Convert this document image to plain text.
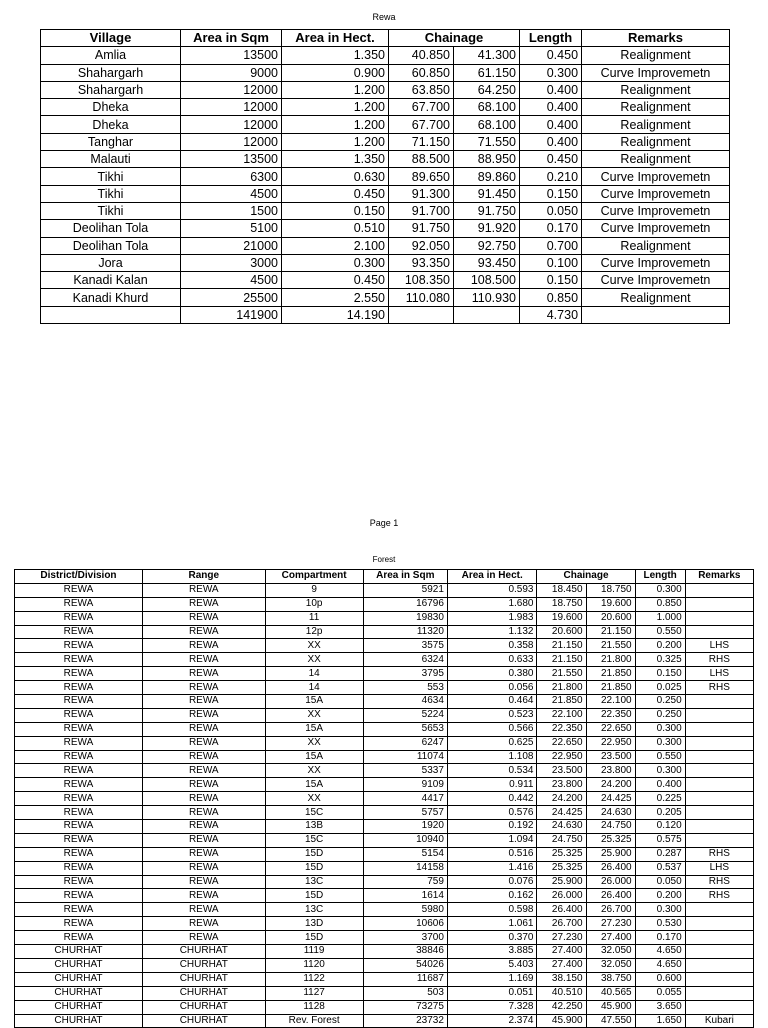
Rewa
Village	Area in Sqm	Area in Hect.	Chainage		Length	Remarks
Amlia	13500	1.350	40.850	41.300	0.450	Realignment
Shahargarh	9000	0.900	60.850	61.150	0.300	Curve Improvemetn
Shahargarh	12000	1.200	63.850	64.250	0.400	Realignment
Dheka	12000	1.200	67.700	68.100	0.400	Realignment
Dheka	12000	1.200	67.700	68.100	0.400	Realignment
Tanghar	12000	1.200	71.150	71.550	0.400	Realignment
Malauti	13500	1.350	88.500	88.950	0.450	Realignment
Tikhi	6300	0.630	89.650	89.860	0.210	Curve Improvemetn
Tikhi	4500	0.450	91.300	91.450	0.150	Curve Improvemetn
Tikhi	1500	0.150	91.700	91.750	0.050	Curve Improvemetn
Deolihan Tola	5100	0.510	91.750	91.920	0.170	Curve Improvemetn
Deolihan Tola	21000	2.100	92.050	92.750	0.700	Realignment
Jora	3000	0.300	93.350	93.450	0.100	Curve Improvemetn
Kanadi Kalan	4500	0.450	108.350	108.500	0.150	Curve Improvemetn
Kanadi Khurd	25500	2.550	110.080	110.930	0.850	Realignment
	141900	14.190			4.730	
Page 1
Forest
District/Division	Range	Compartment	Area in Sqm	Area in Hect.	Chainage		Length	Remarks
REWA	REWA	9	5921	0.593	18.450	18.750	0.300	
REWA	REWA	10p	16796	1.680	18.750	19.600	0.850	
REWA	REWA	11	19830	1.983	19.600	20.600	1.000	
REWA	REWA	12p	11320	1.132	20.600	21.150	0.550	
REWA	REWA	XX	3575	0.358	21.150	21.550	0.200	LHS
REWA	REWA	XX	6324	0.633	21.150	21.800	0.325	RHS
REWA	REWA	14	3795	0.380	21.550	21.850	0.150	LHS
REWA	REWA	14	553	0.056	21.800	21.850	0.025	RHS
REWA	REWA	15A	4634	0.464	21.850	22.100	0.250	
REWA	REWA	XX	5224	0.523	22.100	22.350	0.250	
REWA	REWA	15A	5653	0.566	22.350	22.650	0.300	
REWA	REWA	XX	6247	0.625	22.650	22.950	0.300	
REWA	REWA	15A	11074	1.108	22.950	23.500	0.550	
REWA	REWA	XX	5337	0.534	23.500	23.800	0.300	
REWA	REWA	15A	9109	0.911	23.800	24.200	0.400	
REWA	REWA	XX	4417	0.442	24.200	24.425	0.225	
REWA	REWA	15C	5757	0.576	24.425	24.630	0.205	
REWA	REWA	13B	1920	0.192	24.630	24.750	0.120	
REWA	REWA	15C	10940	1.094	24.750	25.325	0.575	
REWA	REWA	15D	5154	0.516	25.325	25.900	0.287	RHS
REWA	REWA	15D	14158	1.416	25.325	26.400	0.537	LHS
REWA	REWA	13C	759	0.076	25.900	26.000	0.050	RHS
REWA	REWA	15D	1614	0.162	26.000	26.400	0.200	RHS
REWA	REWA	13C	5980	0.598	26.400	26.700	0.300	
REWA	REWA	13D	10606	1.061	26.700	27.230	0.530	
REWA	REWA	15D	3700	0.370	27.230	27.400	0.170	
CHURHAT	CHURHAT	1119	38846	3.885	27.400	32.050	4.650	
CHURHAT	CHURHAT	1120	54026	5.403	27.400	32.050	4.650	
CHURHAT	CHURHAT	1122	11687	1.169	38.150	38.750	0.600	
CHURHAT	CHURHAT	1127	503	0.051	40.510	40.565	0.055	
CHURHAT	CHURHAT	1128	73275	7.328	42.250	45.900	3.650	
CHURHAT	CHURHAT	Rev. Forest	23732	2.374	45.900	47.550	1.650	Kubari
